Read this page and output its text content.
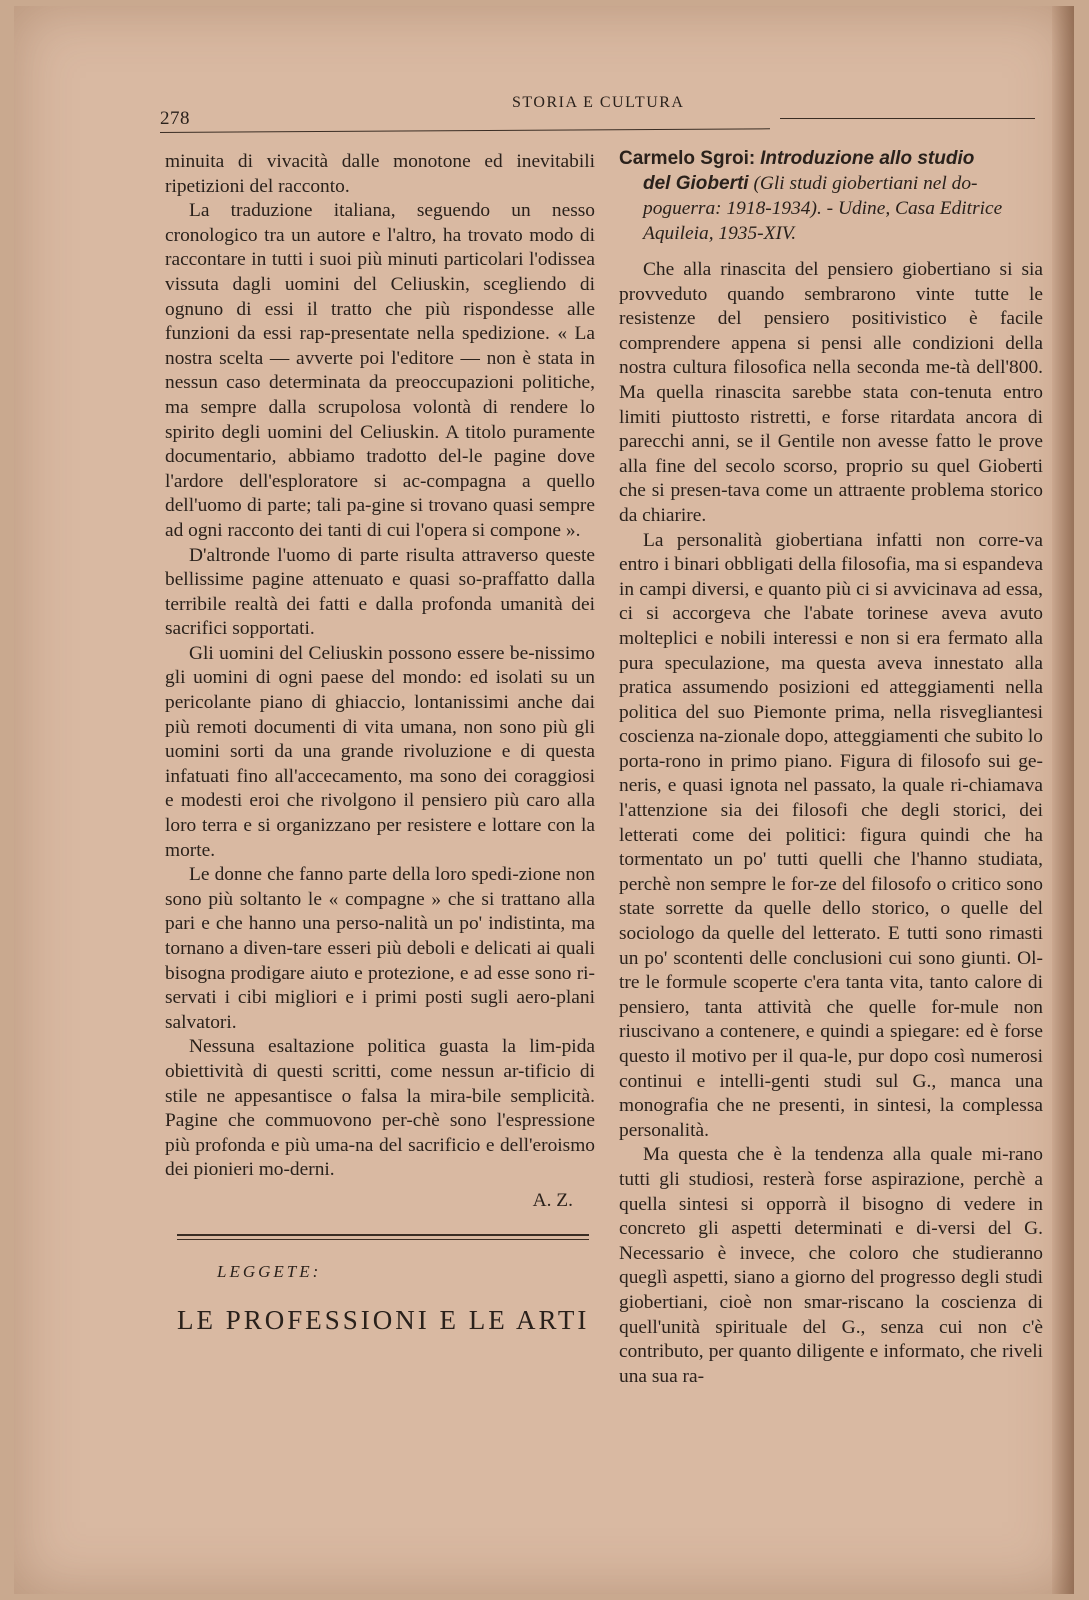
278
STORIA E CULTURA

minuita di vivacità dalle monotone ed inevitabili ripetizioni del racconto.

La traduzione italiana, seguendo un nesso cronologico tra un autore e l'altro, ha trovato modo di raccontare in tutti i suoi più minuti particolari l'odissea vissuta dagli uomini del Celiuskin, scegliendo di ognuno di essi il tratto che più rispondesse alle funzioni da essi rap-presentate nella spedizione. « La nostra scelta — avverte poi l'editore — non è stata in nessun caso determinata da preoccupazioni politiche, ma sempre dalla scrupolosa volontà di rendere lo spirito degli uomini del Celiuskin. A titolo puramente documentario, abbiamo tradotto del-le pagine dove l'ardore dell'esploratore si ac-compagna a quello dell'uomo di parte; tali pa-gine si trovano quasi sempre ad ogni racconto dei tanti di cui l'opera si compone ».

D'altronde l'uomo di parte risulta attraverso queste bellissime pagine attenuato e quasi so-praffatto dalla terribile realtà dei fatti e dalla profonda umanità dei sacrifici sopportati.

Gli uomini del Celiuskin possono essere be-nissimo gli uomini di ogni paese del mondo: ed isolati su un pericolante piano di ghiaccio, lontanissimi anche dai più remoti documenti di vita umana, non sono più gli uomini sorti da una grande rivoluzione e di questa infatuati fino all'accecamento, ma sono dei coraggiosi e modesti eroi che rivolgono il pensiero più caro alla loro terra e si organizzano per resistere e lottare con la morte.

Le donne che fanno parte della loro spedi-zione non sono più soltanto le « compagne » che si trattano alla pari e che hanno una perso-nalità un po' indistinta, ma tornano a diven-tare esseri più deboli e delicati ai quali bisogna prodigare aiuto e protezione, e ad esse sono ri-servati i cibi migliori e i primi posti sugli aero-plani salvatori.

Nessuna esaltazione politica guasta la lim-pida obiettività di questi scritti, come nessun ar-tificio di stile ne appesantisce o falsa la mira-bile semplicità. Pagine che commuovono per-chè sono l'espressione più profonda e più uma-na del sacrificio e dell'eroismo dei pionieri mo-derni.

A. Z.

LEGGETE:
LE PROFESSIONI E LE ARTI
Carmelo Sgroi: Introduzione allo studio
del Gioberti (Gli studi giobertiani nel do-
poguerra: 1918-1934). - Udine, Casa Editrice
Aquileia, 1935-XIV.

Che alla rinascita del pensiero giobertiano si sia provveduto quando sembrarono vinte tutte le resistenze del pensiero positivistico è facile comprendere appena si pensi alle condizioni della nostra cultura filosofica nella seconda me-tà dell'800. Ma quella rinascita sarebbe stata con-tenuta entro limiti piuttosto ristretti, e forse ritardata ancora di parecchi anni, se il Gentile non avesse fatto le prove alla fine del secolo scorso, proprio su quel Gioberti che si presen-tava come un attraente problema storico da chiarire.

La personalità giobertiana infatti non corre-va entro i binari obbligati della filosofia, ma si espandeva in campi diversi, e quanto più ci si avvicinava ad essa, ci si accorgeva che l'abate torinese aveva avuto molteplici e nobili interessi e non si era fermato alla pura speculazione, ma questa aveva innestato alla pratica assumendo posizioni ed atteggiamenti nella politica del suo Piemonte prima, nella risvegliantesi coscienza na-zionale dopo, atteggiamenti che subito lo porta-rono in primo piano. Figura di filosofo sui ge-neris, e quasi ignota nel passato, la quale ri-chiamava l'attenzione sia dei filosofi che degli storici, dei letterati come dei politici: figura quindi che ha tormentato un po' tutti quelli che l'hanno studiata, perchè non sempre le for-ze del filosofo o critico sono state sorrette da quelle dello storico, o quelle del sociologo da quelle del letterato. E tutti sono rimasti un po' scontenti delle conclusioni cui sono giunti. Ol-tre le formule scoperte c'era tanta vita, tanto calore di pensiero, tanta attività che quelle for-mule non riuscivano a contenere, e quindi a spiegare: ed è forse questo il motivo per il qua-le, pur dopo così numerosi continui e intelli-genti studi sul G., manca una monografia che ne presenti, in sintesi, la complessa personalità.

Ma questa che è la tendenza alla quale mi-rano tutti gli studiosi, resterà forse aspirazione, perchè a quella sintesi si opporrà il bisogno di vedere in concreto gli aspetti determinati e di-versi del G. Necessario è invece, che coloro che studieranno queglì aspetti, siano a giorno del progresso degli studi giobertiani, cioè non smar-riscano la coscienza di quell'unità spirituale del G., senza cui non c'è contributo, per quanto diligente e informato, che riveli una sua ra-
